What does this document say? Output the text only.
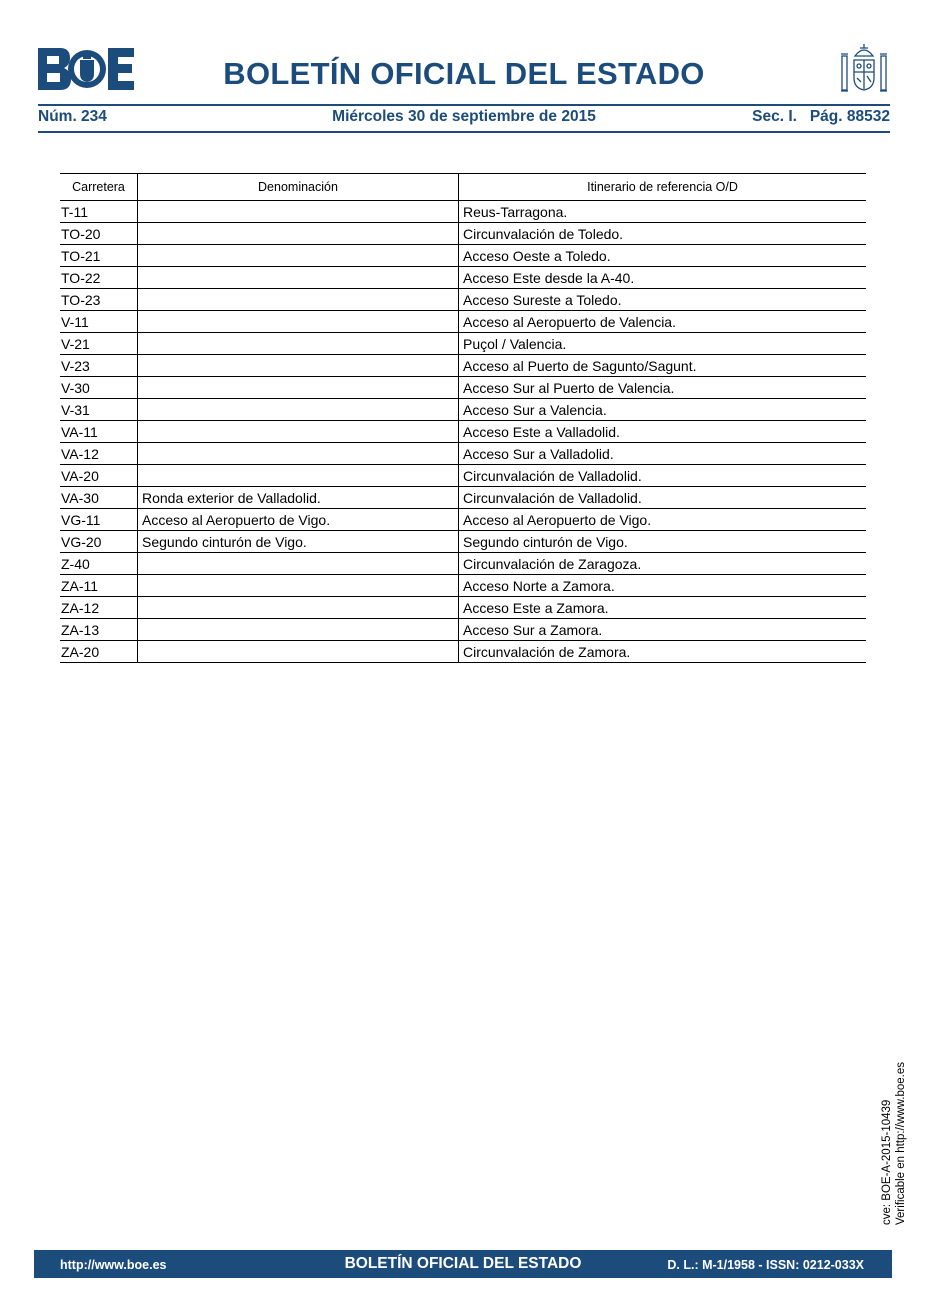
BOLETÍN OFICIAL DEL ESTADO
Núm. 234	Miércoles 30 de septiembre de 2015	Sec. I.   Pág. 88532
Carretera	Denominación	Itinerario de referencia O/D
T-11		Reus-Tarragona.
TO-20		Circunvalación de Toledo.
TO-21		Acceso Oeste a Toledo.
TO-22		Acceso Este desde la A-40.
TO-23		Acceso Sureste a Toledo.
V-11		Acceso al Aeropuerto de Valencia.
V-21		Puçol / Valencia.
V-23		Acceso al Puerto de Sagunto/Sagunt.
V-30		Acceso Sur al Puerto de Valencia.
V-31		Acceso Sur a Valencia.
VA-11		Acceso Este a Valladolid.
VA-12		Acceso Sur a Valladolid.
VA-20		Circunvalación de Valladolid.
VA-30	Ronda exterior de Valladolid.	Circunvalación de Valladolid.
VG-11	Acceso al Aeropuerto de Vigo.	Acceso al Aeropuerto de Vigo.
VG-20	Segundo cinturón de Vigo.	Segundo cinturón de Vigo.
Z-40		Circunvalación de Zaragoza.
ZA-11		Acceso Norte a Zamora.
ZA-12		Acceso Este a Zamora.
ZA-13		Acceso Sur a Zamora.
ZA-20		Circunvalación de Zamora.
cve: BOE-A-2015-10439 Verificable en http://www.boe.es
http://www.boe.es	BOLETÍN OFICIAL DEL ESTADO	D. L.: M-1/1958 - ISSN: 0212-033X
